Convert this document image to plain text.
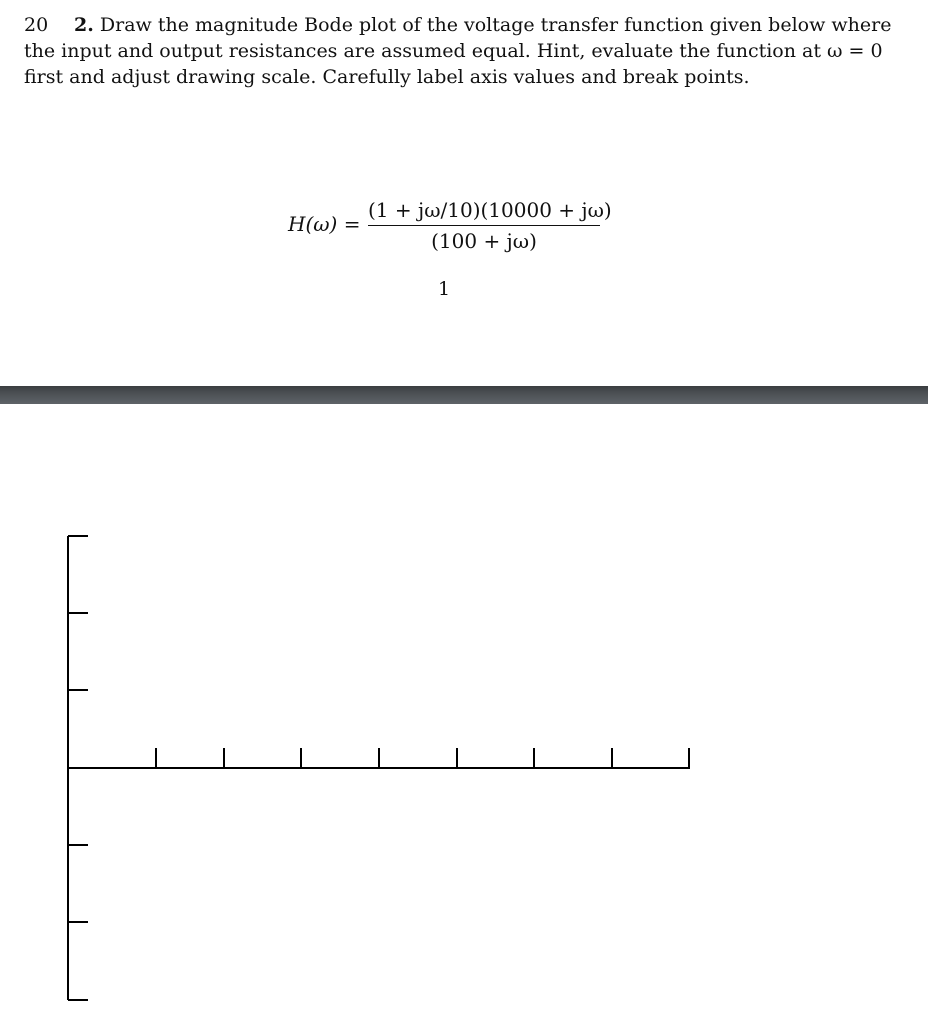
20	2. Draw the magnitude Bode plot of the voltage transfer function given below where the input and output resistances are assumed equal. Hint, evaluate the function at ω = 0 first and adjust drawing scale. Carefully label axis values and break points.
H(ω) =
(1 + jω/10)(10000 + jω)
(100 + jω)
1
